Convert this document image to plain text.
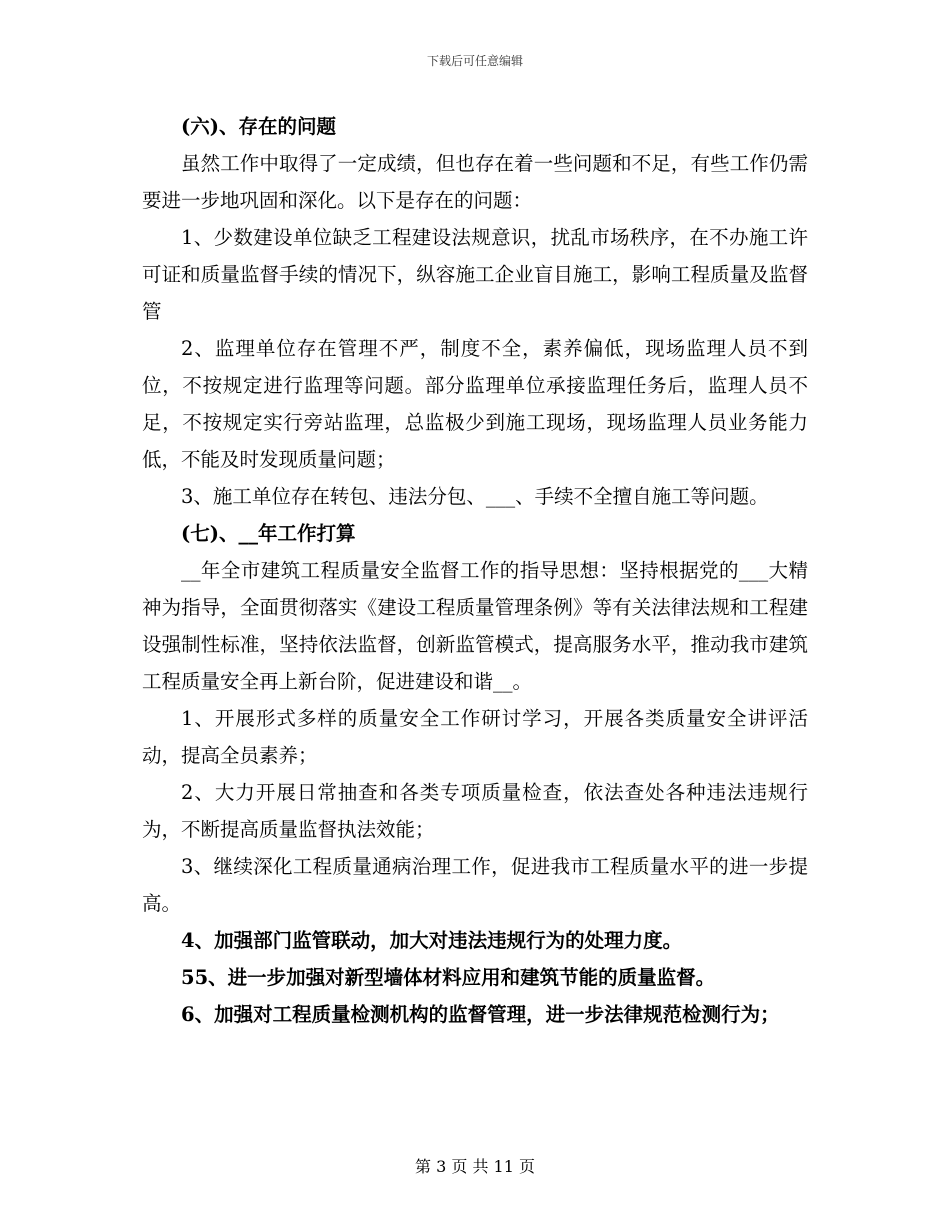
下载后可任意编辑

(六)、存在的问题

虽然工作中取得了一定成绩，但也存在着一些问题和不足，有些工作仍需要进一步地巩固和深化。以下是存在的问题：

1、少数建设单位缺乏工程建设法规意识，扰乱市场秩序，在不办施工许可证和质量监督手续的情况下，纵容施工企业盲目施工，影响工程质量及监督管

2、监理单位存在管理不严，制度不全，素养偏低，现场监理人员不到位，不按规定进行监理等问题。部分监理单位承接监理任务后，监理人员不足，不按规定实行旁站监理，总监极少到施工现场，现场监理人员业务能力低，不能及时发现质量问题；

3、施工单位存在转包、违法分包、___、手续不全擅自施工等问题。

(七)、__年工作打算

__年全市建筑工程质量安全监督工作的指导思想：坚持根据党的___大精神为指导，全面贯彻落实《建设工程质量管理条例》等有关法律法规和工程建设强制性标准，坚持依法监督，创新监管模式，提高服务水平，推动我市建筑工程质量安全再上新台阶，促进建设和谐__。

1、开展形式多样的质量安全工作研讨学习，开展各类质量安全讲评活动，提高全员素养；

2、大力开展日常抽查和各类专项质量检查，依法查处各种违法违规行为，不断提高质量监督执法效能；

3、继续深化工程质量通病治理工作，促进我市工程质量水平的进一步提高。

4、加强部门监管联动，加大对违法违规行为的处理力度。

55、进一步加强对新型墙体材料应用和建筑节能的质量监督。

6、加强对工程质量检测机构的监督管理，进一步法律规范检测行为；

第 3 页 共 11 页
